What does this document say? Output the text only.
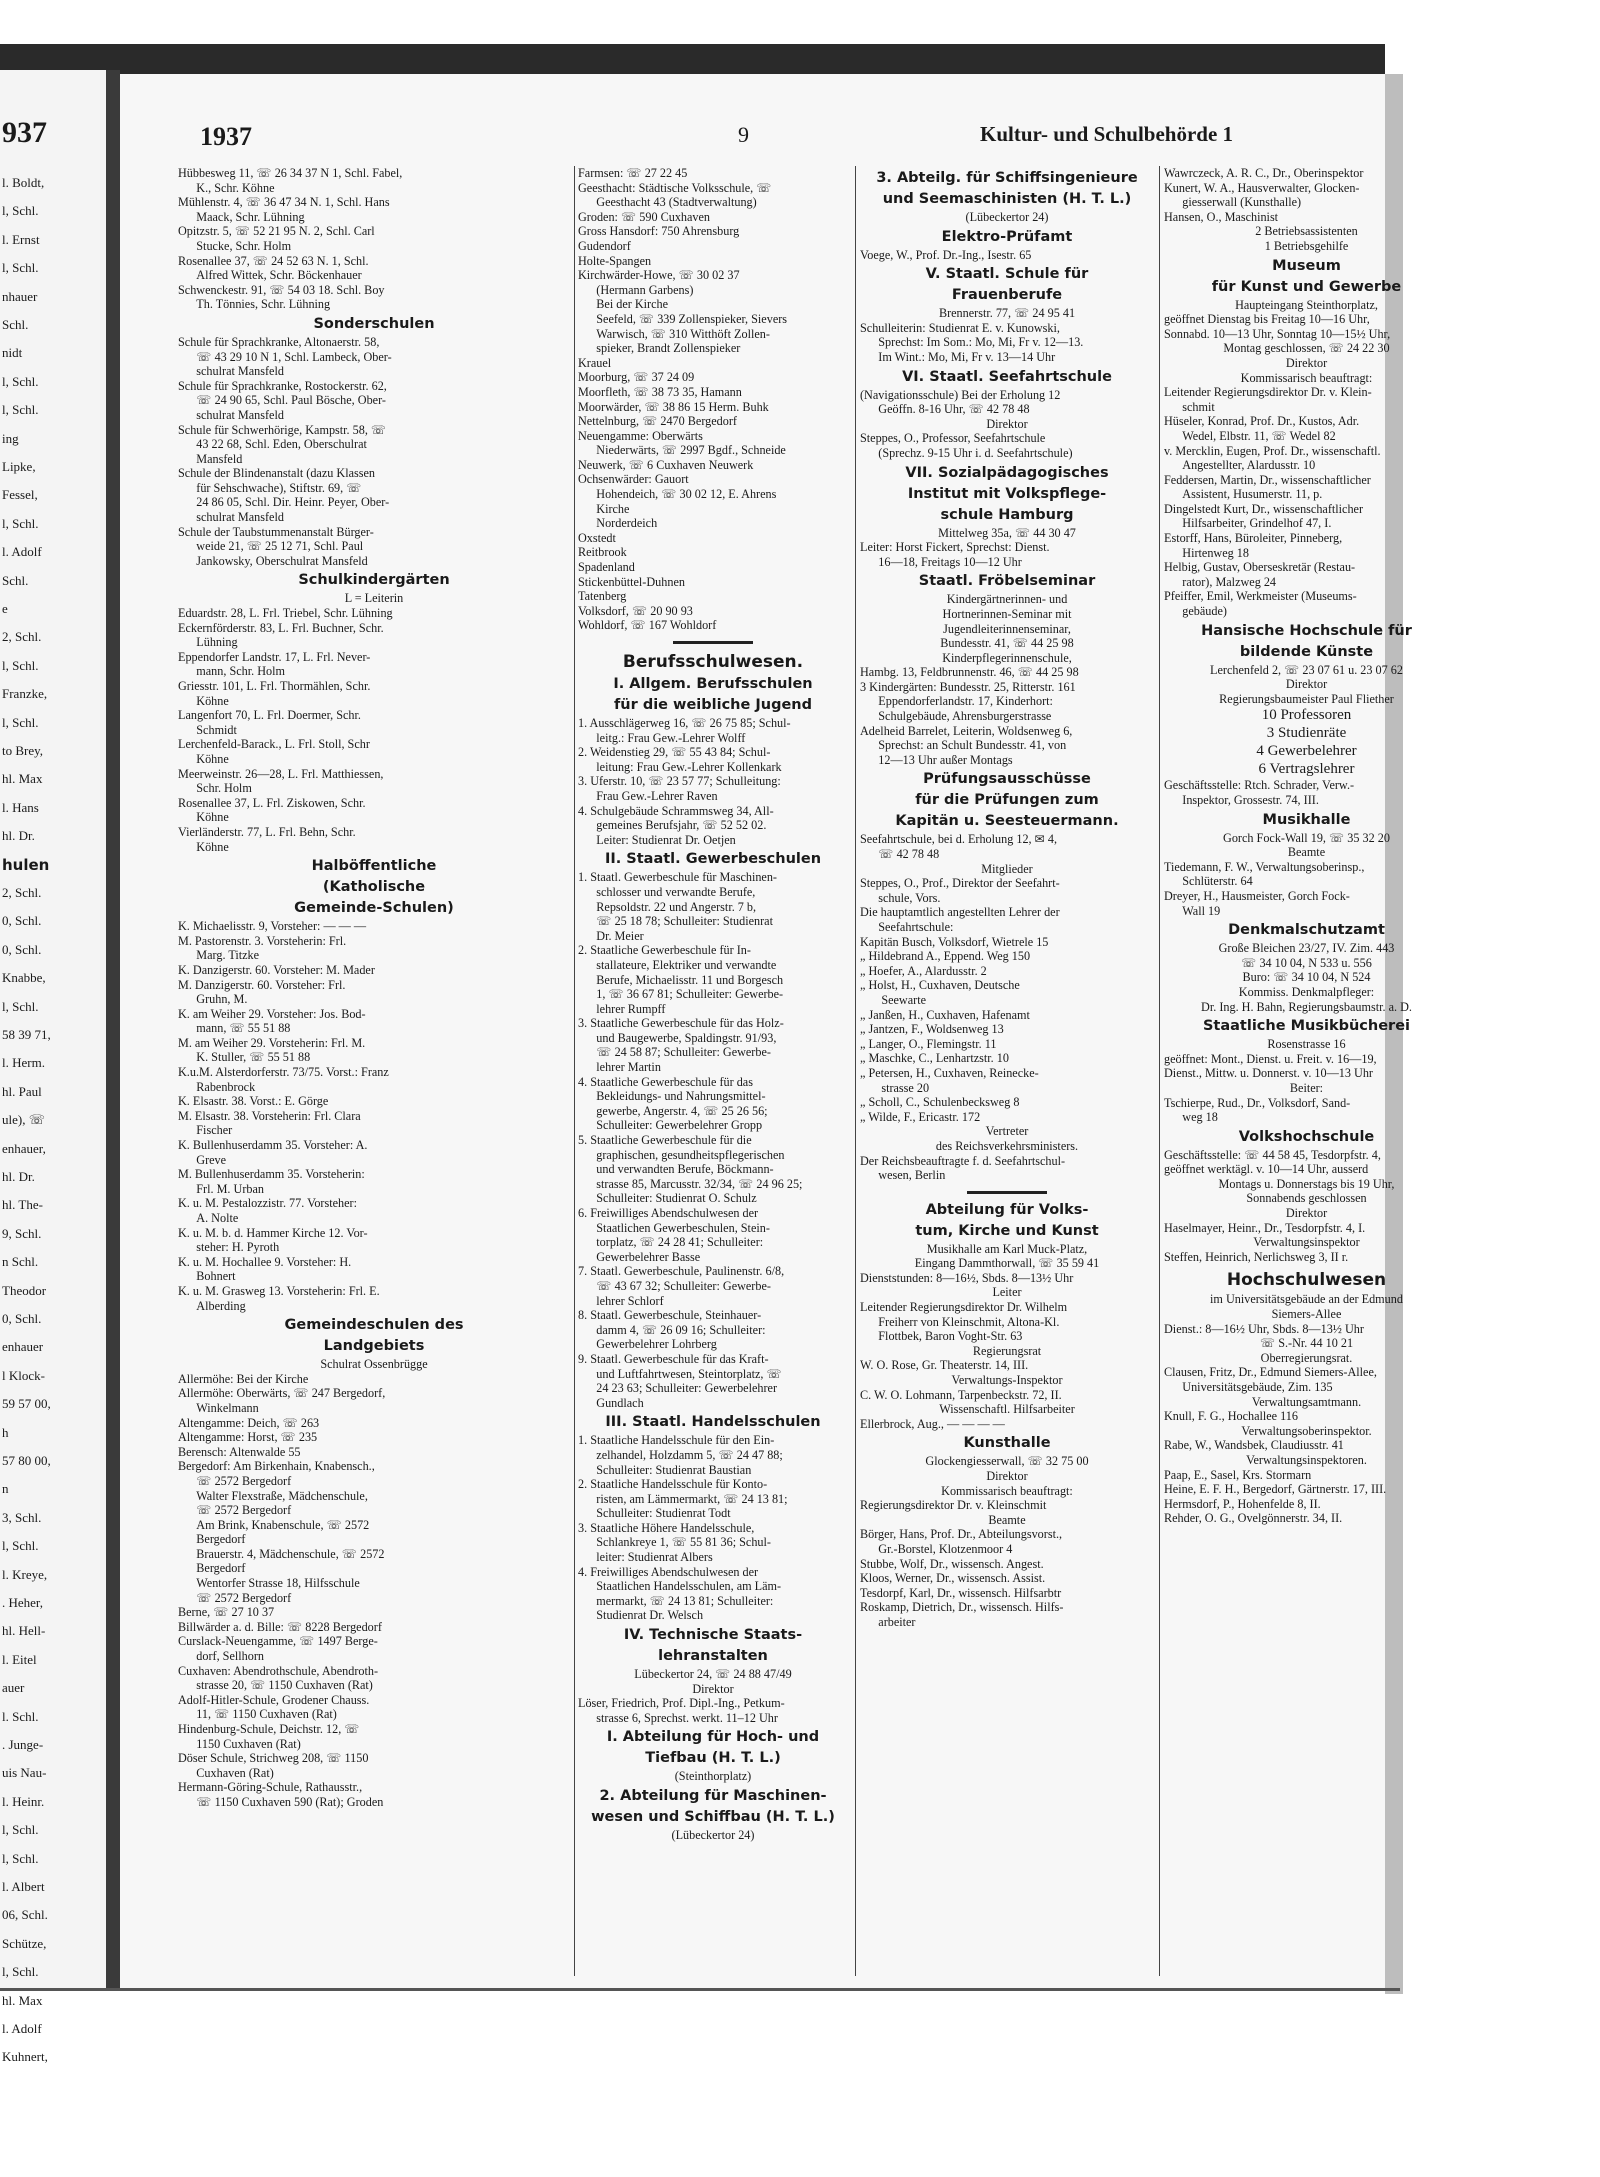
937
l. Boldt,
l, Schl.
l. Ernst
l, Schl.
nhauer
Schl.
nidt
l, Schl.
l, Schl.
ing
Lipke,
Fessel,
l, Schl.
l. Adolf
Schl.
e
2, Schl.
l, Schl.
Franzke,
l, Schl.
to Brey,
hl. Max
l. Hans
hl. Dr.
hulen
2, Schl.
0, Schl.
0, Schl.
Knabbe,
l, Schl.
58 39 71,
l. Herm.
hl. Paul
ule), ☏
enhauer,
hl. Dr.
hl. The-
9, Schl.
n Schl.
Theodor
0, Schl.
enhauer
l Klock-
59 57 00,
h
57 80 00,
n
3, Schl.
l, Schl.
l. Kreye,
. Heher,
hl. Hell-
l. Eitel
auer
l. Schl.
. Junge-
uis Nau-
l. Heinr.
l, Schl.
l, Schl.
l. Albert
06, Schl.
Schütze,
l, Schl.
hl. Max
l. Adolf
Kuhnert,
1937	9	Kultur- und Schulbehörde 1
Hübbesweg 11, ☏ 26 34 37 N 1, Schl. Fabel,
  K., Schr. Köhne
Mühlenstr. 4, ☏ 36 47 34 N. 1, Schl. Hans
  Maack, Schr. Lühning
Opitzstr. 5, ☏ 52 21 95 N. 2, Schl. Carl
  Stucke, Schr. Holm
Rosenallee 37, ☏ 24 52 63 N. 1, Schl.
  Alfred Wittek, Schr. Böckenhauer
Schwenckestr. 91, ☏ 54 03 18. Schl. Boy
  Th. Tönnies, Schr. Lühning
Sonderschulen
Schule für Sprachkranke, Altonaerstr. 58,
  ☏ 43 29 10 N 1, Schl. Lambeck, Ober-
  schulrat Mansfeld
Schule für Sprachkranke, Rostockerstr. 62,
  ☏ 24 90 65, Schl. Paul Bösche, Ober-
  schulrat Mansfeld
Schule für Schwerhörige, Kampstr. 58, ☏
  43 22 68, Schl. Eden, Oberschulrat
  Mansfeld
Schule der Blindenanstalt (dazu Klassen
  für Sehschwache), Stiftstr. 69, ☏
  24 86 05, Schl. Dir. Heinr. Peyer, Ober-
  schulrat Mansfeld
Schule der Taubstummenanstalt Bürger-
  weide 21, ☏ 25 12 71, Schl. Paul
  Jankowsky, Oberschulrat Mansfeld
Schulkindergärten
L = Leiterin
Eduardstr. 28, L. Frl. Triebel, Schr. Lühning
Eckernförderstr. 83, L. Frl. Buchner, Schr.
  Lühning
Eppendorfer Landstr. 17, L. Frl. Never-
  mann, Schr. Holm
Griesstr. 101, L. Frl. Thormählen, Schr.
  Köhne
Langenfort 70, L. Frl. Doermer, Schr.
  Schmidt
Lerchenfeld-Barack., L. Frl. Stoll, Schr
  Köhne
Meerweinstr. 26—28, L. Frl. Matthiessen,
  Schr. Holm
Rosenallee 37, L. Frl. Ziskowen, Schr.
  Köhne
Vierländerstr. 77, L. Frl. Behn, Schr.
  Köhne
Halböffentliche
(Katholische
Gemeinde-Schulen)
K. Michaelisstr. 9, Vorsteher: — — —
M. Pastorenstr. 3. Vorsteherin: Frl.
  Marg. Titzke
K. Danzigerstr. 60. Vorsteher: M. Mader
M. Danzigerstr. 60. Vorsteher: Frl.
  Gruhn, M.
K. am Weiher 29. Vorsteher: Jos. Bod-
  mann, ☏ 55 51 88
M. am Weiher 29. Vorsteherin: Frl. M.
  K. Stuller, ☏ 55 51 88
K.u.M. Alsterdorferstr. 73/75. Vorst.: Franz
  Rabenbrock
K. Elsastr. 38. Vorst.: E. Görge
M. Elsastr. 38. Vorsteherin: Frl. Clara
  Fischer
K. Bullenhuserdamm 35. Vorsteher: A.
  Greve
M. Bullenhuserdamm 35. Vorsteherin:
  Frl. M. Urban
K. u. M. Pestalozzistr. 77. Vorsteher:
  A. Nolte
K. u. M. b. d. Hammer Kirche 12. Vor-
  steher: H. Pyroth
K. u. M. Hochallee 9. Vorsteher: H.
  Bohnert
K. u. M. Grasweg 13. Vorsteherin: Frl. E.
  Alberding
Gemeindeschulen des
Landgebiets
Schulrat Ossenbrügge
Allermöhe: Bei der Kirche
Allermöhe: Oberwärts, ☏ 247 Bergedorf,
  Winkelmann
Altengamme: Deich, ☏ 263
Altengamme: Horst, ☏ 235
Berensch: Altenwalde 55
Bergedorf: Am Birkenhain, Knabensch.,
  ☏ 2572 Bergedorf
  Walter Flexstraße, Mädchenschule,
  ☏ 2572 Bergedorf
  Am Brink, Knabenschule, ☏ 2572
  Bergedorf
  Brauerstr. 4, Mädchenschule, ☏ 2572
  Bergedorf
  Wentorfer Strasse 18, Hilfsschule
  ☏ 2572 Bergedorf
Berne, ☏ 27 10 37
Billwärder a. d. Bille: ☏ 8228 Bergedorf
Curslack-Neuengamme, ☏ 1497 Berge-
  dorf, Sellhorn
Cuxhaven: Abendrothschule, Abendroth-
  strasse 20, ☏ 1150 Cuxhaven (Rat)
Adolf-Hitler-Schule, Grodener Chauss.
  11, ☏ 1150 Cuxhaven (Rat)
Hindenburg-Schule, Deichstr. 12, ☏
  1150 Cuxhaven (Rat)
Döser Schule, Strichweg 208, ☏ 1150
  Cuxhaven (Rat)
Hermann-Göring-Schule, Rathausstr.,
  ☏ 1150 Cuxhaven 590 (Rat); Groden
Farmsen: ☏ 27 22 45
Geesthacht: Städtische Volksschule, ☏
  Geesthacht 43 (Stadtverwaltung)
Groden: ☏ 590 Cuxhaven
Gross Hansdorf: 750 Ahrensburg
Gudendorf
Holte-Spangen
Kirchwärder-Howe, ☏ 30 02 37
  (Hermann Garbens)
  Bei der Kirche
  Seefeld, ☏ 339 Zollenspieker, Sievers
  Warwisch, ☏ 310 Witthöft Zollen-
  spieker, Brandt Zollenspieker
Krauel
Moorburg, ☏ 37 24 09
Moorfleth, ☏ 38 73 35, Hamann
Moorwärder, ☏ 38 86 15 Herm. Buhk
Nettelnburg, ☏ 2470 Bergedorf
Neuengamme: Oberwärts
  Niederwärts, ☏ 2997 Bgdf., Schneide
Neuwerk, ☏ 6 Cuxhaven Neuwerk
Ochsenwärder: Gauort
  Hohendeich, ☏ 30 02 12, E. Ahrens
  Kirche
  Norderdeich
Oxstedt
Reitbrook
Spadenland
Stickenbüttel-Duhnen
Tatenberg
Volksdorf, ☏ 20 90 93
Wohldorf, ☏ 167 Wohldorf
Berufsschulwesen.
I. Allgem. Berufsschulen
für die weibliche Jugend
1. Ausschlägerweg 16, ☏ 26 75 85; Schul-
  leitg.: Frau Gew.-Lehrer Wolff
2. Weidenstieg 29, ☏ 55 43 84; Schul-
  leitung: Frau Gew.-Lehrer Kollenkark
3. Uferstr. 10, ☏ 23 57 77; Schulleitung:
  Frau Gew.-Lehrer Raven
4. Schulgebäude Schrammsweg 34, All-
  gemeines Berufsjahr, ☏ 52 52 02.
  Leiter: Studienrat Dr. Oetjen
II. Staatl. Gewerbeschulen
1. Staatl. Gewerbeschule für Maschinen-
  schlosser und verwandte Berufe,
  Repsoldstr. 22 und Angerstr. 7 b,
  ☏ 25 18 78; Schulleiter: Studienrat
  Dr. Meier
2. Staatliche Gewerbeschule für In-
  stallateure, Elektriker und verwandte
  Berufe, Michaelisstr. 11 und Borgesch
  1, ☏ 36 67 81; Schulleiter: Gewerbe-
  lehrer Rumpff
3. Staatliche Gewerbeschule für das Holz-
  und Baugewerbe, Spaldingstr. 91/93,
  ☏ 24 58 87; Schulleiter: Gewerbe-
  lehrer Martin
4. Staatliche Gewerbeschule für das
  Bekleidungs- und Nahrungsmittel-
  gewerbe, Angerstr. 4, ☏ 25 26 56;
  Schulleiter: Gewerbelehrer Gropp
5. Staatliche Gewerbeschule für die
  graphischen, gesundheitspflegerischen
  und verwandten Berufe, Böckmann-
  strasse 85, Marcusstr. 32/34, ☏ 24 96 25;
  Schulleiter: Studienrat O. Schulz
6. Freiwilliges Abendschulwesen der
  Staatlichen Gewerbeschulen, Stein-
  torplatz, ☏ 24 28 41; Schulleiter:
  Gewerbelehrer Basse
7. Staatl. Gewerbeschule, Paulinenstr. 6/8,
  ☏ 43 67 32; Schulleiter: Gewerbe-
  lehrer Schlorf
8. Staatl. Gewerbeschule, Steinhauer-
  damm 4, ☏ 26 09 16; Schulleiter:
  Gewerbelehrer Lohrberg
9. Staatl. Gewerbeschule für das Kraft-
  und Luftfahrtwesen, Steintorplatz, ☏
  24 23 63; Schulleiter: Gewerbelehrer
  Gundlach
III. Staatl. Handelsschulen
1. Staatliche Handelsschule für den Ein-
  zelhandel, Holzdamm 5, ☏ 24 47 88;
  Schulleiter: Studienrat Baustian
2. Staatliche Handelsschule für Konto-
  risten, am Lämmermarkt, ☏ 24 13 81;
  Schulleiter: Studienrat Todt
3. Staatliche Höhere Handelsschule,
  Schlankreye 1, ☏ 55 81 36; Schul-
  leiter: Studienrat Albers
4. Freiwilliges Abendschulwesen der
  Staatlichen Handelsschulen, am Läm-
  mermarkt, ☏ 24 13 81; Schulleiter:
  Studienrat Dr. Welsch
IV. Technische Staats-
lehranstalten
Lübeckertor 24, ☏ 24 88 47/49
Direktor
Löser, Friedrich, Prof. Dipl.-Ing., Petkum-
  strasse 6, Sprechst. werkt. 11–12 Uhr
I. Abteilung für Hoch- und
Tiefbau (H. T. L.)
(Steinthorplatz)
2. Abteilung für Maschinen-
wesen und Schiffbau (H. T. L.)
(Lübeckertor 24)
3. Abteilg. für Schiffsingenieure
und Seemaschinisten (H. T. L.)
(Lübeckertor 24)
Elektro-Prüfamt
Voege, W., Prof. Dr.-Ing., Isestr. 65
V. Staatl. Schule für
Frauenberufe
Brennerstr. 77, ☏ 24 95 41
Schulleiterin: Studienrat E. v. Kunowski,
  Sprechst: Im Som.: Mo, Mi, Fr v. 12—13.
  Im Wint.: Mo, Mi, Fr v. 13—14 Uhr
VI. Staatl. Seefahrtschule
(Navigationsschule) Bei der Erholung 12
  Geöffn. 8-16 Uhr, ☏ 42 78 48
Direktor
Steppes, O., Professor, Seefahrtschule
  (Sprechz. 9-15 Uhr i. d. Seefahrtschule)
VII. Sozialpädagogisches
Institut mit Volkspflege-
schule Hamburg
Mittelweg 35a, ☏ 44 30 47
Leiter: Horst Fickert, Sprechst: Dienst.
  16—18, Freitags 10—12 Uhr
Staatl. Fröbelseminar
Kindergärtnerinnen- und
Hortnerinnen-Seminar mit
Jugendleiterinnenseminar,
Bundesstr. 41, ☏ 44 25 98
Kinderpflegerinnenschule,
Hambg. 13, Feldbrunnenstr. 46, ☏ 44 25 98
3 Kindergärten: Bundesstr. 25, Ritterstr. 161
  Eppendorferlandstr. 17, Kinderhort:
  Schulgebäude, Ahrensburgerstrasse
Adelheid Barrelet, Leiterin, Woldsenweg 6,
  Sprechst: an Schult Bundesstr. 41, von
  12—13 Uhr außer Montags
Prüfungsausschüsse
für die Prüfungen zum
Kapitän u. Seesteuermann.
Seefahrtschule, bei d. Erholung 12, ✉ 4,
  ☏ 42 78 48
Mitglieder
Steppes, O., Prof., Direktor der Seefahrt-
  schule, Vors.
Die hauptamtlich angestellten Lehrer der
  Seefahrtschule:
Kapitän Busch, Volksdorf, Wietrele 15
„ Hildebrand A., Eppend. Weg 150
„ Hoefer, A., Alardusstr. 2
„ Holst, H., Cuxhaven, Deutsche
   Seewarte
„ Janßen, H., Cuxhaven, Hafenamt
„ Jantzen, F., Woldsenweg 13
„ Langer, O., Flemingstr. 11
„ Maschke, C., Lenhartzstr. 10
„ Petersen, H., Cuxhaven, Reinecke-
   strasse 20
„ Scholl, C., Schulenbecksweg 8
„ Wilde, F., Ericastr. 172
Vertreter
des Reichsverkehrsministers.
Der Reichsbeauftragte f. d. Seefahrtschul-
  wesen, Berlin
Abteilung für Volks-
tum, Kirche und Kunst
Musikhalle am Karl Muck-Platz,
Eingang Dammthorwall, ☏ 35 59 41
Dienststunden: 8—16½, Sbds. 8—13½ Uhr
Leiter
Leitender Regierungsdirektor Dr. Wilhelm
  Freiherr von Kleinschmit, Altona-Kl.
  Flottbek, Baron Voght-Str. 63
Regierungsrat
W. O. Rose, Gr. Theaterstr. 14, III.
Verwaltungs-Inspektor
C. W. O. Lohmann, Tarpenbeckstr. 72, II.
Wissenschaftl. Hilfsarbeiter
Ellerbrock, Aug., — — — —
Kunsthalle
Glockengiesserwall, ☏ 32 75 00
Direktor
Kommissarisch beauftragt:
Regierungsdirektor Dr. v. Kleinschmit
Beamte
Börger, Hans, Prof. Dr., Abteilungsvorst.,
  Gr.-Borstel, Klotzenmoor 4
Stubbe, Wolf, Dr., wissensch. Angest.
Kloos, Werner, Dr., wissensch. Assist.
Tesdorpf, Karl, Dr., wissensch. Hilfsarbtr
Roskamp, Dietrich, Dr., wissensch. Hilfs-
  arbeiter
Wawrczeck, A. R. C., Dr., Oberinspektor
Kunert, W. A., Hausverwalter, Glocken-
  giesserwall (Kunsthalle)
Hansen, O., Maschinist
2 Betriebsassistenten
1 Betriebsgehilfe
Museum
für Kunst und Gewerbe
Haupteingang Steinthorplatz,
geöffnet Dienstag bis Freitag 10—16 Uhr,
Sonnabd. 10—13 Uhr, Sonntag 10—15½ Uhr,
Montag geschlossen, ☏ 24 22 30
Direktor
Kommissarisch beauftragt:
Leitender Regierungsdirektor Dr. v. Klein-
  schmit
Hüseler, Konrad, Prof. Dr., Kustos, Adr.
  Wedel, Elbstr. 11, ☏ Wedel 82
v. Mercklin, Eugen, Prof. Dr., wissenschaftl.
  Angestellter, Alardusstr. 10
Feddersen, Martin, Dr., wissenschaftlicher
  Assistent, Husumerstr. 11, p.
Dingelstedt Kurt, Dr., wissenschaftlicher
  Hilfsarbeiter, Grindelhof 47, I.
Estorff, Hans, Büroleiter, Pinneberg,
  Hirtenweg 18
Helbig, Gustav, Oberseskretär (Restau-
  rator), Malzweg 24
Pfeiffer, Emil, Werkmeister (Museums-
  gebäude)
Hansische Hochschule für
bildende Künste
Lerchenfeld 2, ☏ 23 07 61 u. 23 07 62
Direktor
Regierungsbaumeister Paul Fliether
10 Professoren
3 Studienräte
4 Gewerbelehrer
6 Vertragslehrer
Geschäftsstelle: Rtch. Schrader, Verw.-
  Inspektor, Grossestr. 74, III.
Musikhalle
Gorch Fock-Wall 19, ☏ 35 32 20
Beamte
Tiedemann, F. W., Verwaltungsoberinsp.,
  Schlüterstr. 64
Dreyer, H., Hausmeister, Gorch Fock-
  Wall 19
Denkmalschutzamt
Große Bleichen 23/27, IV. Zim. 443
☏ 34 10 04, N 533 u. 556
Buro: ☏ 34 10 04, N 524
Kommiss. Denkmalpfleger:
Dr. Ing. H. Bahn, Regierungsbaumstr. a. D.
Staatliche Musikbücherei
Rosenstrasse 16
geöffnet: Mont., Dienst. u. Freit. v. 16—19,
Dienst., Mittw. u. Donnerst. v. 10—13 Uhr
Beiter:
Tschierpe, Rud., Dr., Volksdorf, Sand-
  weg 18
Volkshochschule
Geschäftsstelle: ☏ 44 58 45, Tesdorpfstr. 4,
geöffnet werktägl. v. 10—14 Uhr, ausserd
Montags u. Donnerstags bis 19 Uhr,
Sonnabends geschlossen
Direktor
Haselmayer, Heinr., Dr., Tesdorpfstr. 4, I.
Verwaltungsinspektor
Steffen, Heinrich, Nerlichsweg 3, II r.
Hochschulwesen
im Universitätsgebäude an der Edmund
Siemers-Allee
Dienst.: 8—16½ Uhr, Sbds. 8—13½ Uhr
☏ S.-Nr. 44 10 21
Oberregierungsrat.
Clausen, Fritz, Dr., Edmund Siemers-Allee,
  Universitätsgebäude, Zim. 135
Verwaltungsamtmann.
Knull, F. G., Hochallee 116
Verwaltungsoberinspektor.
Rabe, W., Wandsbek, Claudiusstr. 41
Verwaltungsinspektoren.
Paap, E., Sasel, Krs. Stormarn
Heine, E. F. H., Bergedorf, Gärtnerstr. 17, III.
Hermsdorf, P., Hohenfelde 8, II.
Rehder, O. G., Ovelgönnerstr. 34, II.
